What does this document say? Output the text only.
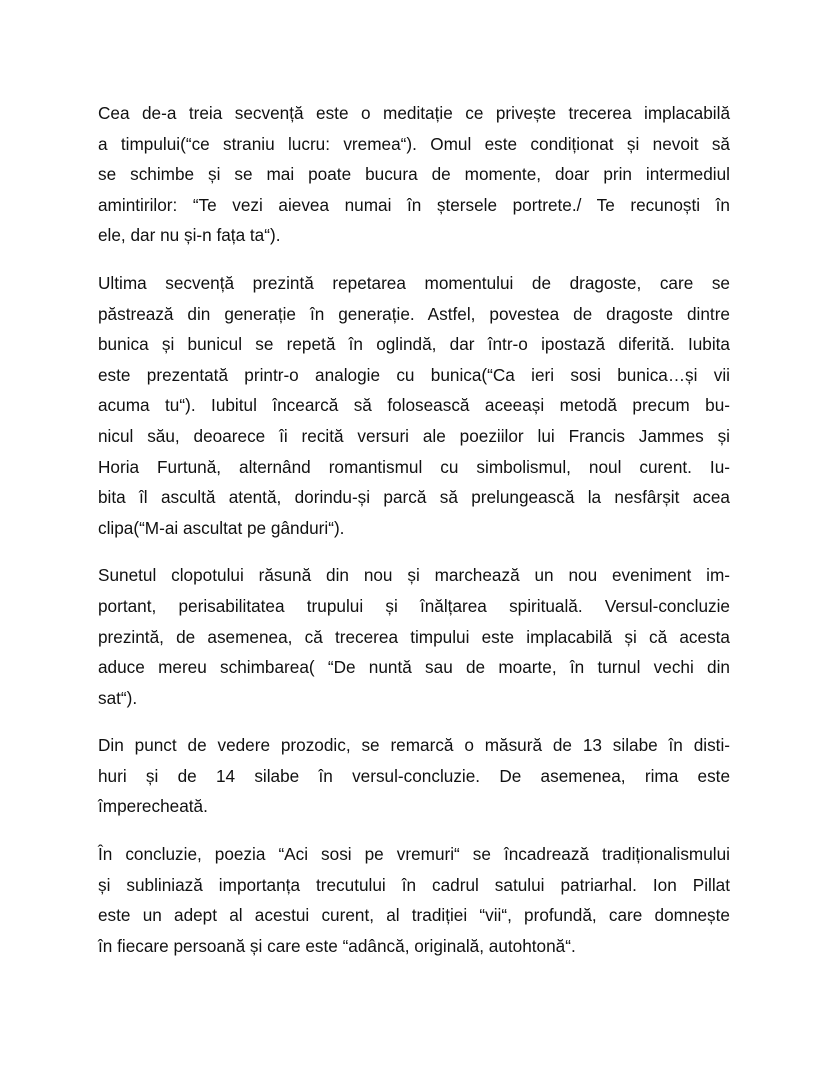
Cea de-a treia secvență este o meditație ce privește trecerea implacabilă
a timpului(“ce straniu lucru: vremea“). Omul este condiționat și nevoit să
se schimbe și se mai poate bucura de momente, doar prin intermediul
amintirilor: “Te vezi aievea numai în ștersele portrete./ Te recunoști în
ele, dar nu și-n fața ta“).
Ultima secvență prezintă repetarea momentului de dragoste, care se
păstrează din generație în generație. Astfel, povestea de dragoste dintre
bunica și bunicul se repetă în oglindă, dar într-o ipostază diferită. Iubita
este prezentată printr-o analogie cu bunica(“Ca ieri sosi bunica…și vii
acuma tu“). Iubitul încearcă să folosească aceeași metodă precum bu-
nicul său, deoarece îi recită versuri ale poeziilor lui Francis Jammes și
Horia Furtună, alternând romantismul cu simbolismul, noul curent. Iu-
bita îl ascultă atentă, dorindu-și parcă să prelungească la nesfârșit acea
clipa(“M-ai ascultat pe gânduri“).
Sunetul clopotului răsună din nou și marchează un nou eveniment im-
portant, perisabilitatea trupului și înălțarea spirituală. Versul-concluzie
prezintă, de asemenea, că trecerea timpului este implacabilă și că acesta
aduce mereu schimbarea( “De nuntă sau de moarte, în turnul vechi din
sat“).
Din punct de vedere prozodic, se remarcă o măsură de 13 silabe în disti-
huri și de 14 silabe în versul-concluzie. De asemenea, rima este
împerecheată.
În concluzie, poezia “Aci sosi pe vremuri“ se încadrează tradiționalismului
și subliniază importanța trecutului în cadrul satului patriarhal. Ion Pillat
este un adept al acestui curent, al tradiției “vii“, profundă, care domnește
în fiecare persoană și care este “adâncă, originală, autohtonă“.
